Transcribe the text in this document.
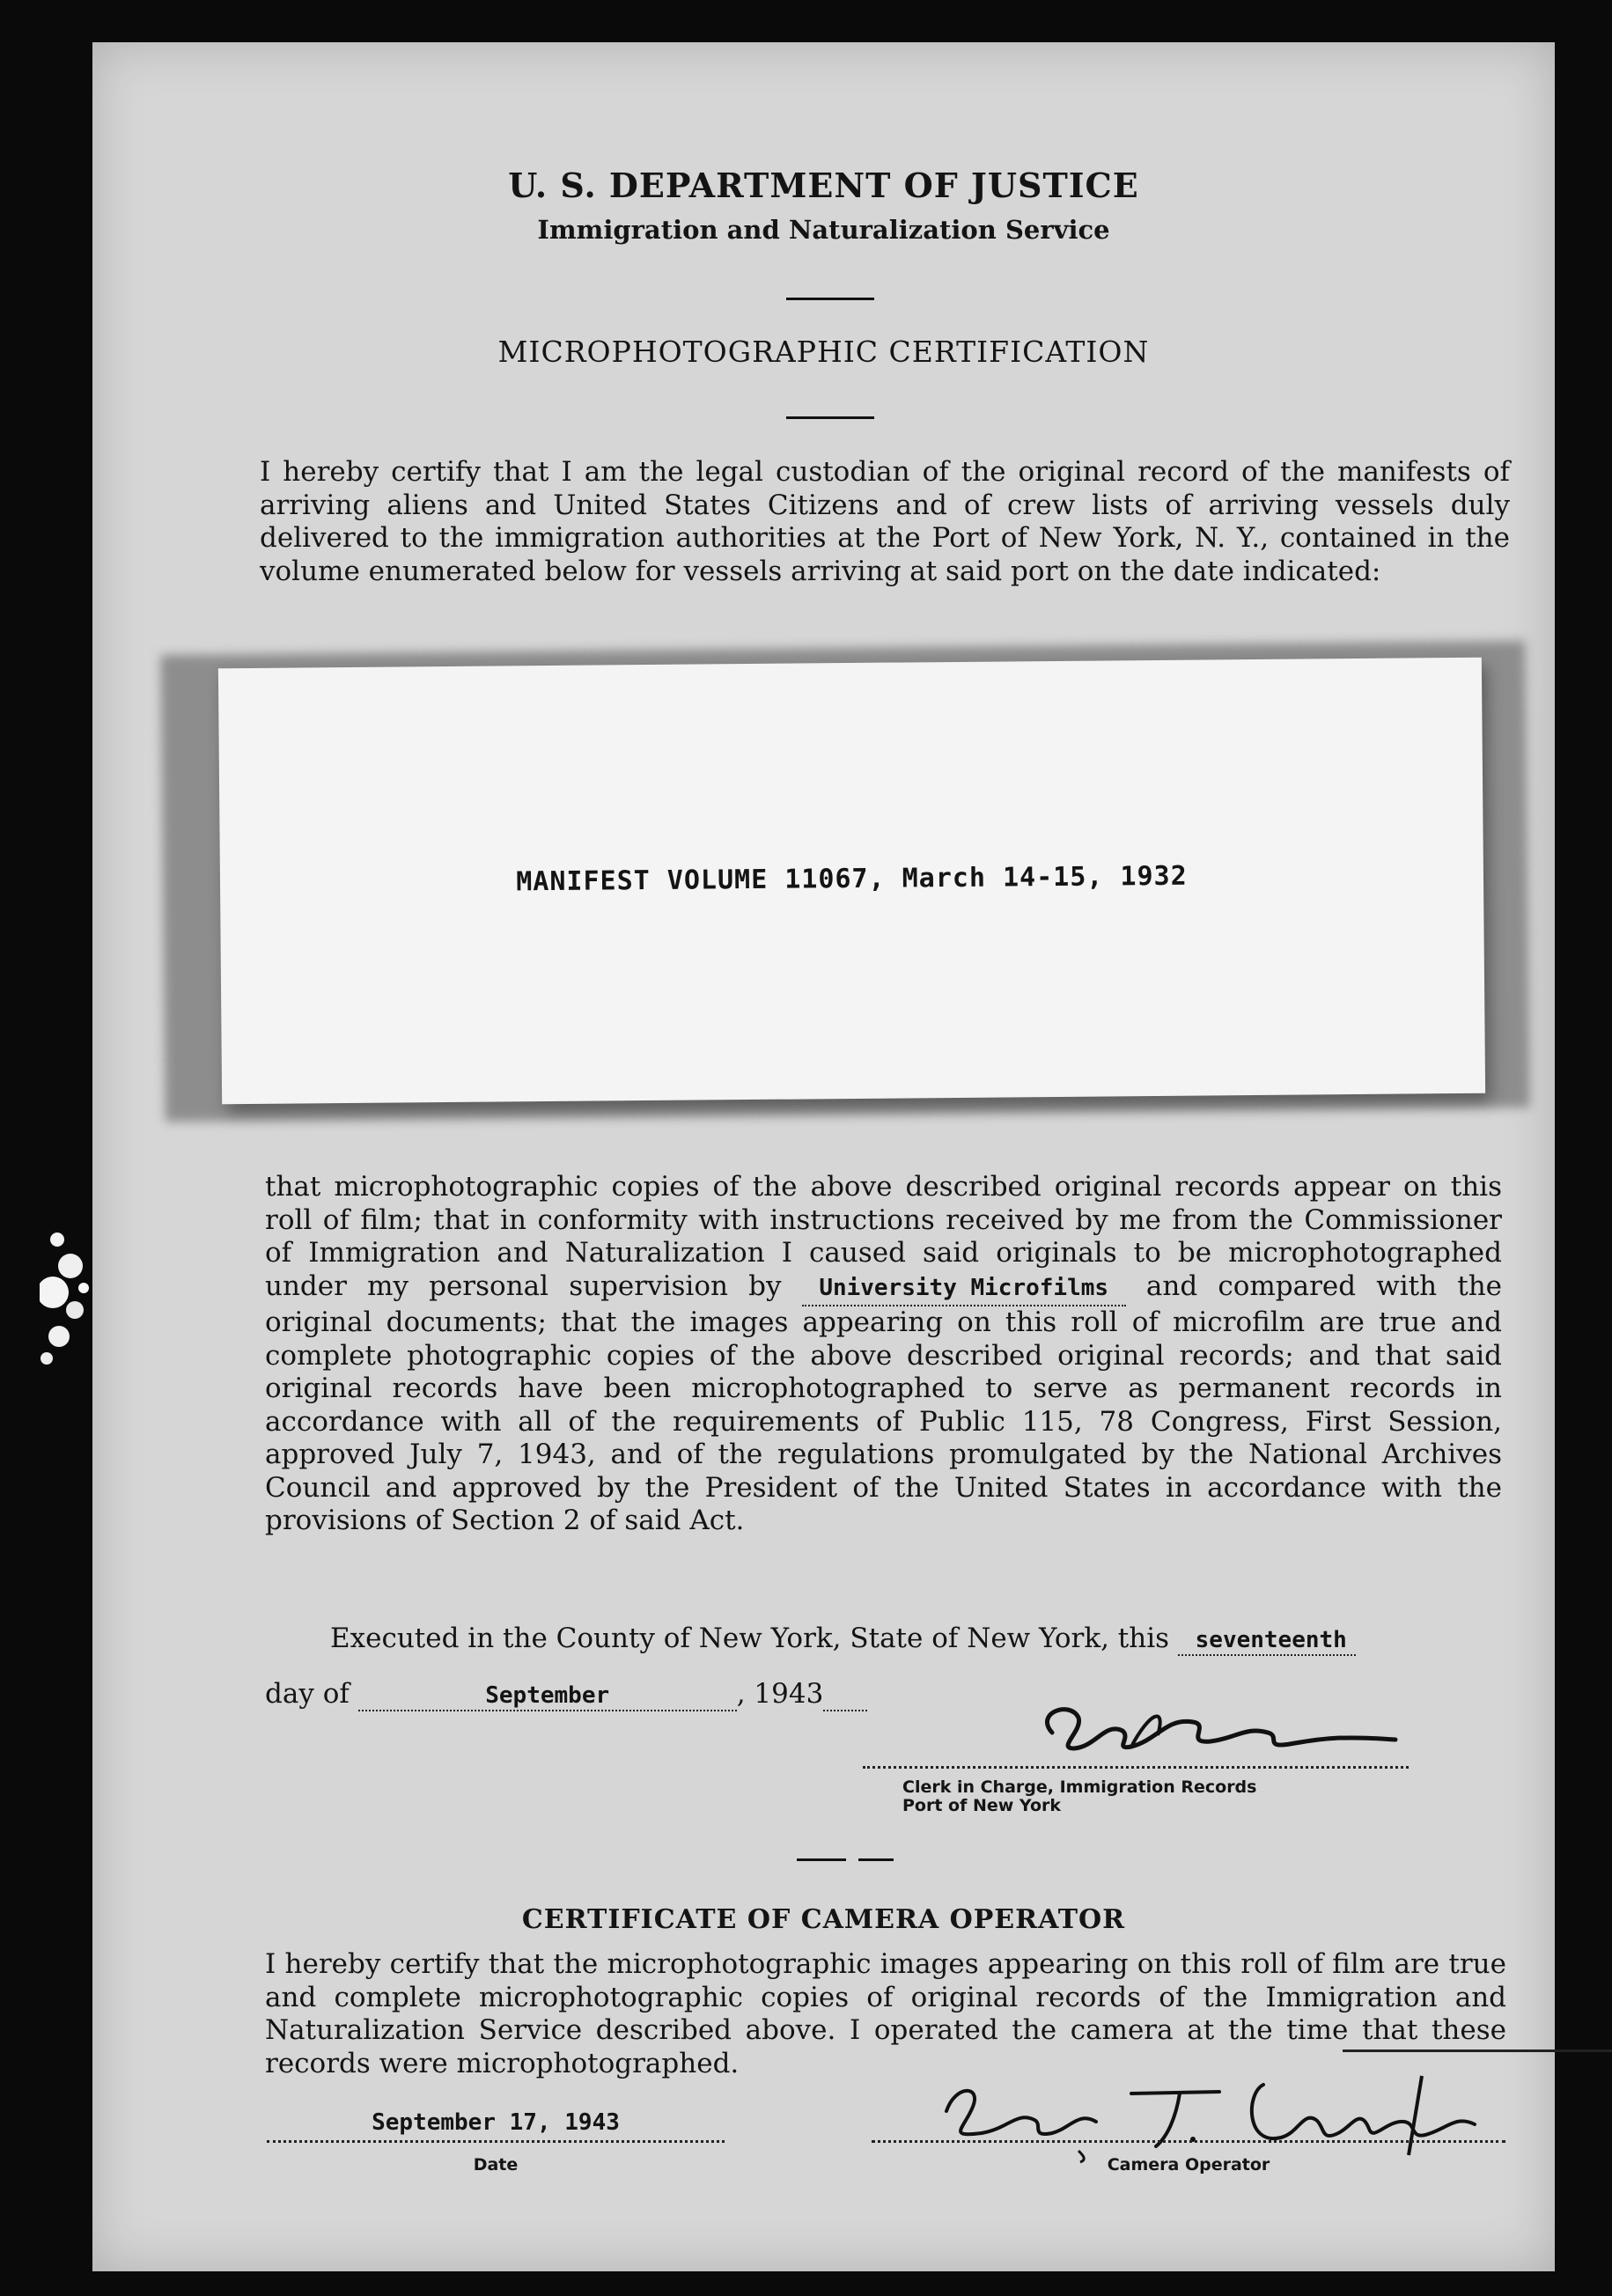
U. S. DEPARTMENT OF JUSTICE
Immigration and Naturalization Service
MICROPHOTOGRAPHIC CERTIFICATION
I hereby certify that I am the legal custodian of the original record of the manifests of arriving aliens and United States Citizens and of crew lists of arriving vessels duly delivered to the immigration authorities at the Port of New York, N. Y., contained in the volume enumerated below for vessels arriving at said port on the date indicated:
MANIFEST VOLUME 11067, March 14-15, 1932
that microphotographic copies of the above described original records appear on this roll of film; that in conformity with instructions received by me from the Commissioner of Immigration and Naturalization I caused said originals to be microphotographed under my personal supervision by University Microfilms and compared with the original documents; that the images appearing on this roll of microfilm are true and complete photographic copies of the above described original records; and that said original records have been microphotographed to serve as permanent records in accordance with all of the requirements of Public 115, 78 Congress, First Session, approved July 7, 1943, and of the regulations promulgated by the National Archives Council and approved by the President of the United States in accordance with the provisions of Section 2 of said Act.
Executed in the County of New York, State of New York, this seventeenth
day of	September	, 1943
Clerk in Charge, Immigration Records
Port of New York
CERTIFICATE OF CAMERA OPERATOR
I hereby certify that the microphotographic images appearing on this roll of film are true and complete microphotographic copies of original records of the Immigration and Naturalization Service described above. I operated the camera at the time that these records were microphotographed.
September 17, 1943
Date	Camera Operator
